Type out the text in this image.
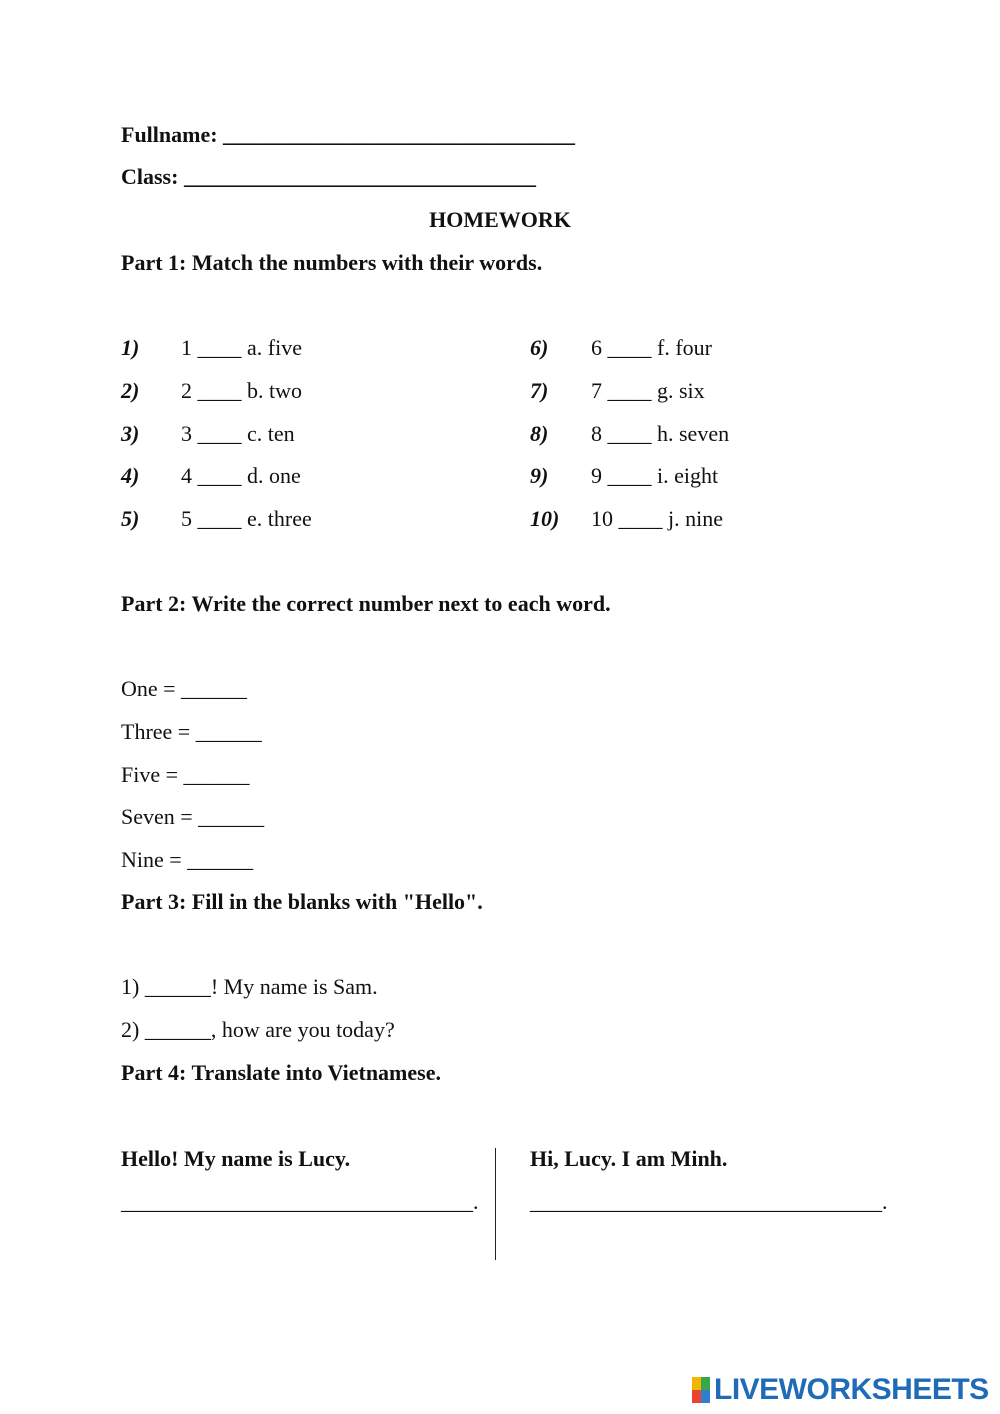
Fullname: ________________________________
Class: ________________________________
HOMEWORK
Part 1: Match the numbers with their words.
1) 1 ____ a. five
2) 2 ____ b. two
3) 3 ____ c. ten
4) 4 ____ d. one
5) 5 ____ e. three
6) 6 ____ f. four
7) 7 ____ g. six
8) 8 ____ h. seven
9) 9 ____ i. eight
10) 10 ____ j. nine
Part 2: Write the correct number next to each word.
One = ______
Three = ______
Five = ______
Seven = ______
Nine = ______
Part 3: Fill in the blanks with "Hello".
1) ______! My name is Sam.
2) ______, how are you today?
Part 4: Translate into Vietnamese.
Hello! My name is Lucy.
________________________________.
Hi, Lucy. I am Minh.
________________________________.
LIVEWORKSHEETS
